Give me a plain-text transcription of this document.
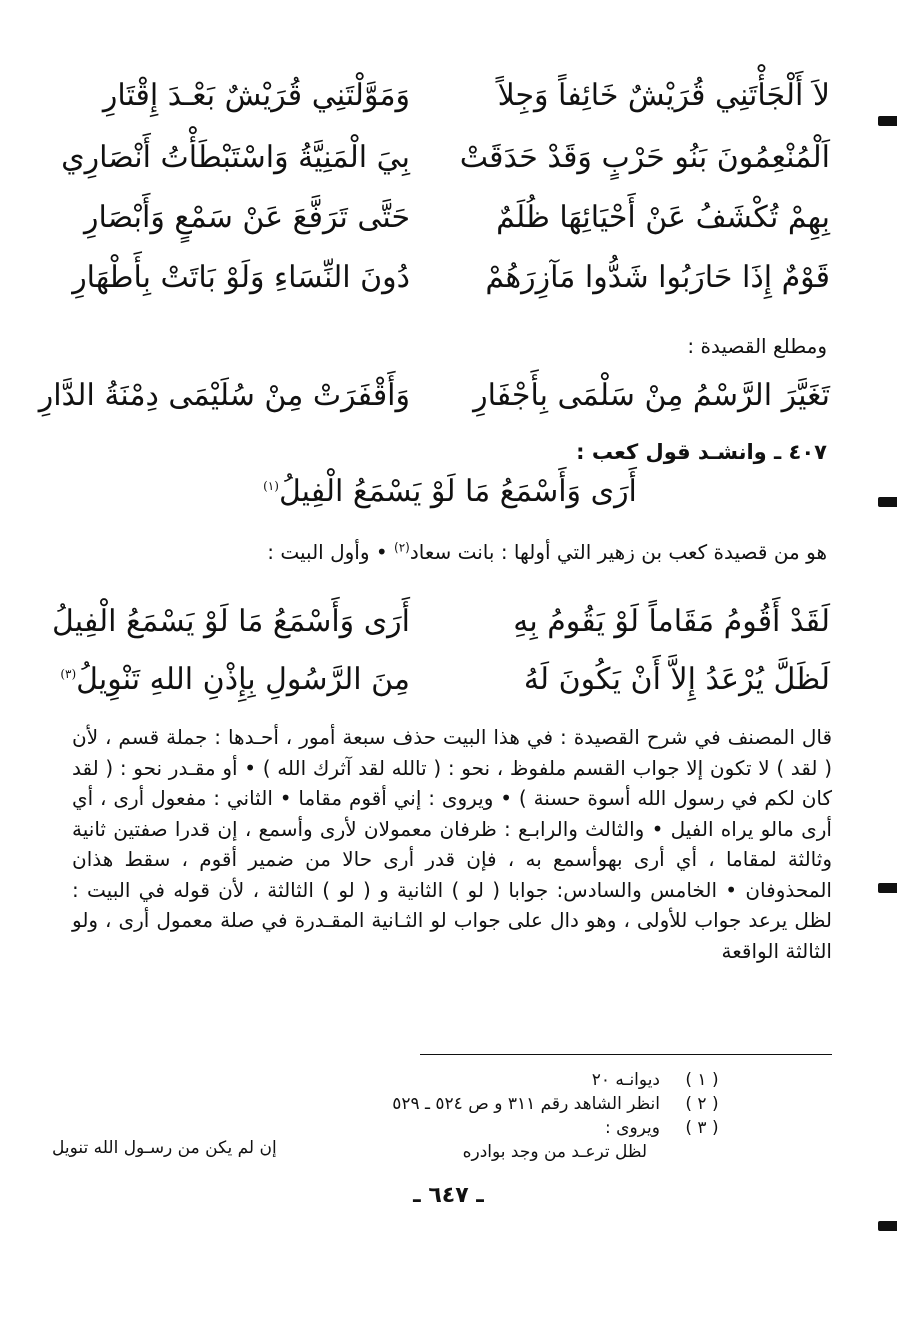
لاَ أَلْجَأْتَنِي قُرَيْشٌ خَائِفاً وَجِلاً
وَمَوَّلْتَنِي قُرَيْشٌ بَعْـدَ إِقْتَارِ
اَلْمُنْعِمُونَ بَنُو حَرْبٍ وَقَدْ حَدَقَتْ
بِيَ الْمَنِيَّةُ وَاسْتَبْطَأْتُ أَنْصَارِي
بِهِمْ تُكْشَفُ عَنْ أَحْيَائِهَا ظُلَمٌ
حَتَّى تَرَفَّعَ عَنْ سَمْعٍ وَأَبْصَارِ
قَوْمٌ إِذَا حَارَبُوا شَدُّوا مَآزِرَهُمْ
دُونَ النِّسَاءِ وَلَوْ بَاتَتْ بِأَطْهَارِ
ومطلع القصيدة :
تَغَيَّرَ الرَّسْمُ مِنْ سَلْمَى بِأَجْفَارِ
وَأَقْفَرَتْ مِنْ سُلَيْمَى دِمْنَةُ الدَّارِ
٤٠٧ ـ وانشـد قول كعب :
أَرَى وَأَسْمَعُ مَا لَوْ يَسْمَعُ الْفِيلُ$^{(١)}$
هو من قصيدة كعب بن زهير التي أولها : بانت سعاد$^{(٢)}$ • وأول البيت :
لَقَدْ أَقُومُ مَقَاماً لَوْ يَقُومُ بِهِ
أَرَى وَأَسْمَعُ مَا لَوْ يَسْمَعُ الْفِيلُ
لَظَلَّ يُرْعَدُ إِلاَّ أَنْ يَكُونَ لَهُ
مِنَ الرَّسُولِ بِإِذْنِ اللهِ تَنْوِيلُ$^{(٣)}$
قال المصنف في شرح القصيدة : في هذا البيت حذف سبعة أمور ، أحـدها : جملة قسم ، لأن ( لقد ) لا تكون إلا جواب القسم ملفوظ ، نحو : ( تالله لقد آثرك الله ) • أو مقـدر نحو : ( لقد كان لكم في رسول الله أسوة حسنة ) • ويروى : إني أقوم مقاما • الثاني : مفعول أرى ، أي أرى مالو يراه الفيل • والثالث والرابـع : ظرفان معمولان لأرى وأسمع ، إن قدرا صفتين ثانية وثالثة لمقاما ، أي أرى بهوأسمع به ، فإن قدر أرى حالا من ضمير أقوم ، سقط هذان المحذوفان • الخامس والسادس: جوابا ( لو ) الثانية و ( لو ) الثالثة ، لأن قوله في البيت : لظل يرعد جواب للأولى ، وهو دال على جواب لو الثـانية المقـدرة في صلة معمول أرى ، ولو الثالثة الواقعة
( ١ )
ديوانـه ٢٠
( ٢ )
انظر الشاهد رقم ٣١١ و ص ٥٢٤ ـ ٥٢٩
( ٣ )
ويروى :
لظل ترعـد من وجد بوادره
إن لم يكن من رسـول الله تنويل
ـ ٦٤٧ ـ
